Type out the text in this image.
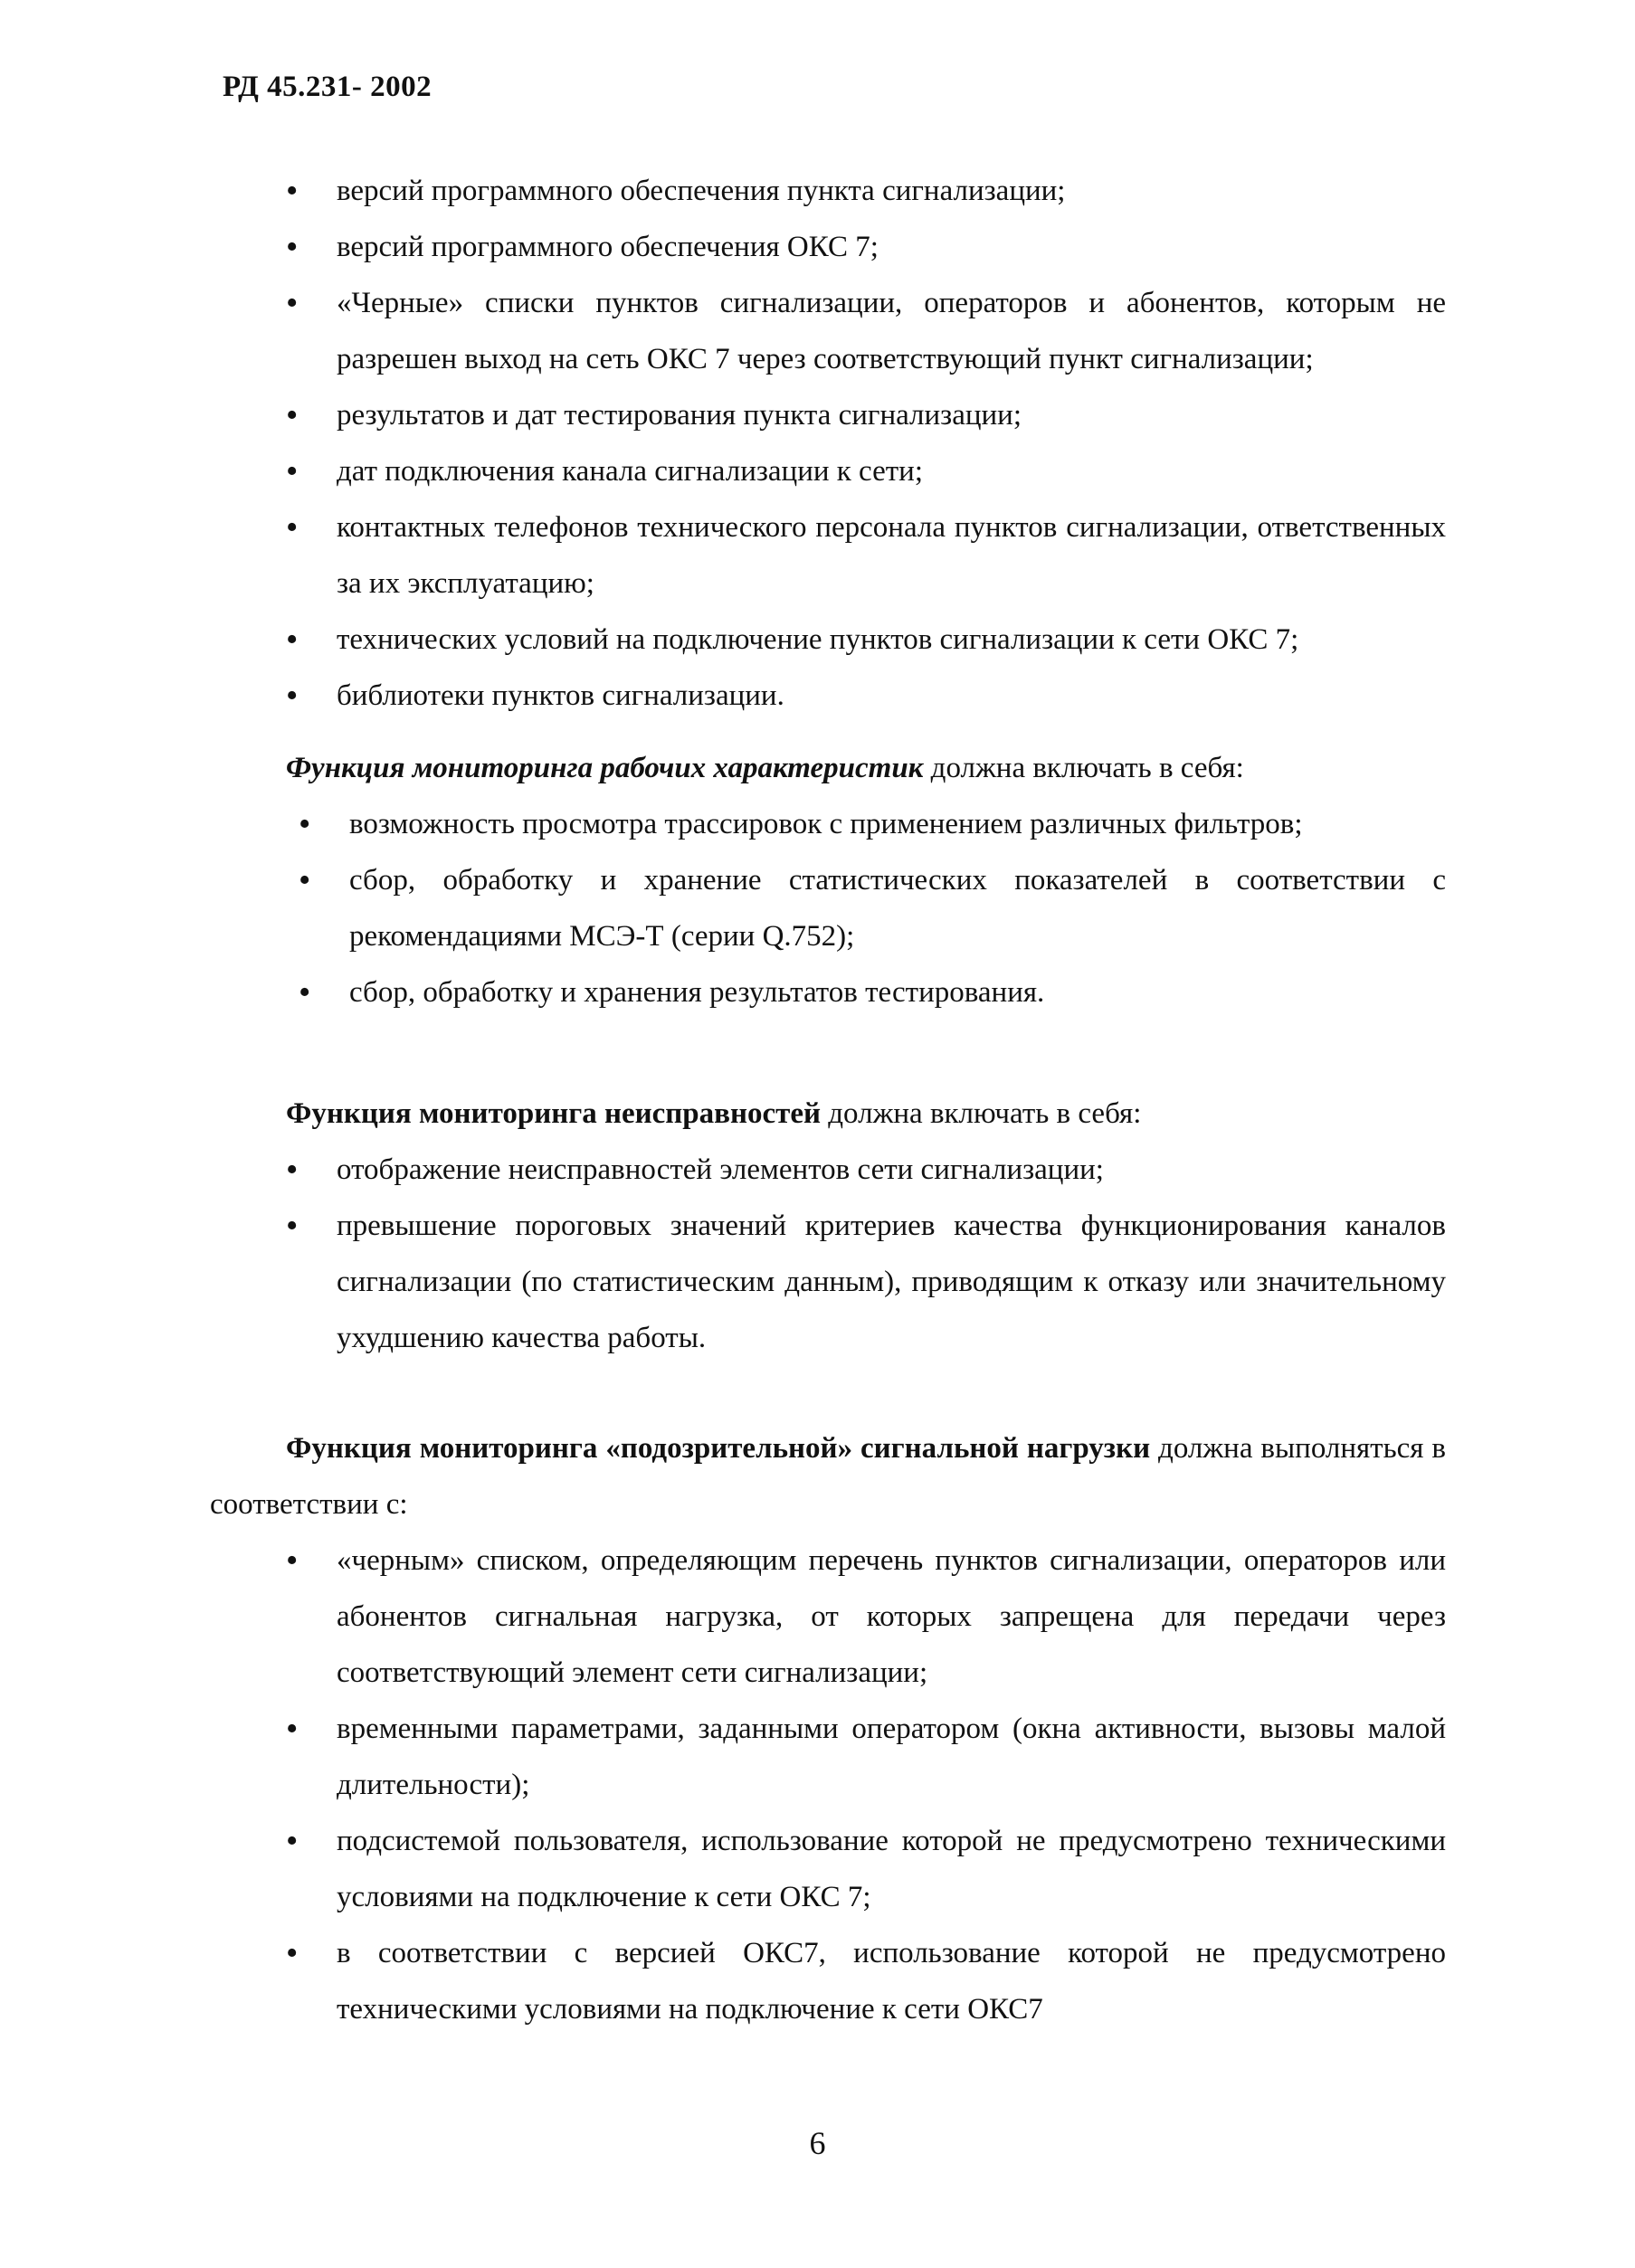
РД 45.231- 2002
• версий программного обеспечения пункта сигнализации;
• версий программного обеспечения ОКС 7;
• «Черные» списки пунктов сигнализации, операторов и абонентов, которым не разрешен выход на сеть ОКС 7 через соответствующий пункт сигнализации;
• результатов и дат тестирования пункта сигнализации;
• дат подключения канала сигнализации к сети;
• контактных телефонов технического персонала пунктов сигнализации, ответственных за их эксплуатацию;
• технических условий на подключение пунктов сигнализации к сети ОКС 7;
• библиотеки пунктов сигнализации.
Функция мониторинга рабочих характеристик должна включать в себя:
• возможность просмотра трассировок с применением различных фильтров;
• сбор, обработку и хранение статистических показателей в соответствии с рекомендациями МСЭ-Т (серии Q.752);
• сбор, обработку и хранения результатов тестирования.
Функция мониторинга неисправностей должна включать в себя:
• отображение неисправностей элементов сети сигнализации;
• превышение пороговых значений критериев качества функционирования каналов сигнализации (по статистическим данным), приводящим к отказу или значительному ухудшению качества работы.
Функция мониторинга «подозрительной» сигнальной нагрузки должна выполняться в соответствии с:
• «черным» списком, определяющим перечень пунктов сигнализации, операторов или абонентов сигнальная нагрузка, от которых запрещена для передачи через соответствующий элемент сети сигнализации;
• временными параметрами, заданными оператором (окна активности, вызовы малой длительности);
• подсистемой пользователя, использование которой не предусмотрено техническими условиями на подключение к сети ОКС 7;
• в соответствии с версией ОКС7, использование которой не предусмотрено техническими условиями на подключение к сети ОКС7
6
